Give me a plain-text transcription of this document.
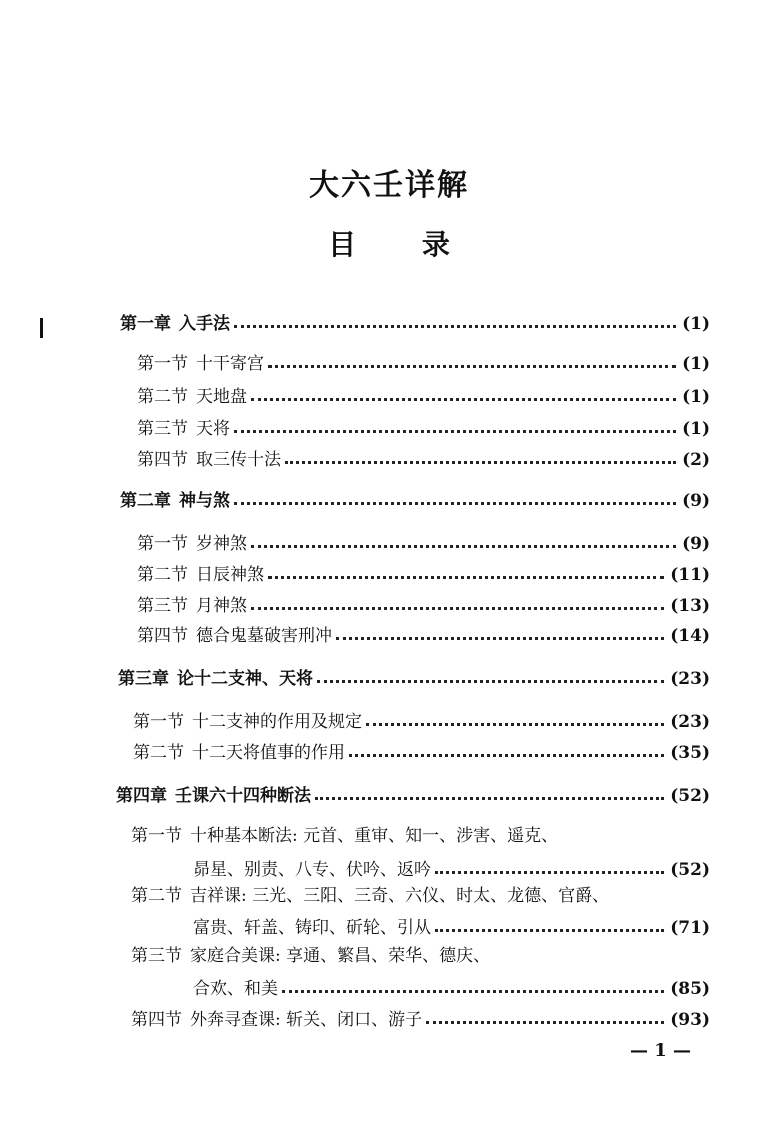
大六壬详解
目 录
第一章 入手法	(1)
第一节 十干寄宫	(1)
第二节 天地盘	(1)
第三节 天将	(1)
第四节 取三传十法	(2)
第二章 神与煞	(9)
第一节 岁神煞	(9)
第二节 日辰神煞	(11)
第三节 月神煞	(13)
第四节 德合鬼墓破害刑冲	(14)
第三章 论十二支神、天将	(23)
第一节 十二支神的作用及规定	(23)
第二节 十二天将值事的作用	(35)
第四章 壬课六十四种断法	(52)
第一节 十种基本断法: 元首、重审、知一、涉害、遥克、
昴星、别责、八专、伏吟、返吟	(52)
第二节 吉祥课: 三光、三阳、三奇、六仪、时太、龙德、官爵、
富贵、轩盖、铸印、斫轮、引从	(71)
第三节 家庭合美课: 享通、繁昌、荣华、德庆、
合欢、和美	(85)
第四节 外奔寻查课: 斩关、闭口、游子	(93)
— 1 —
